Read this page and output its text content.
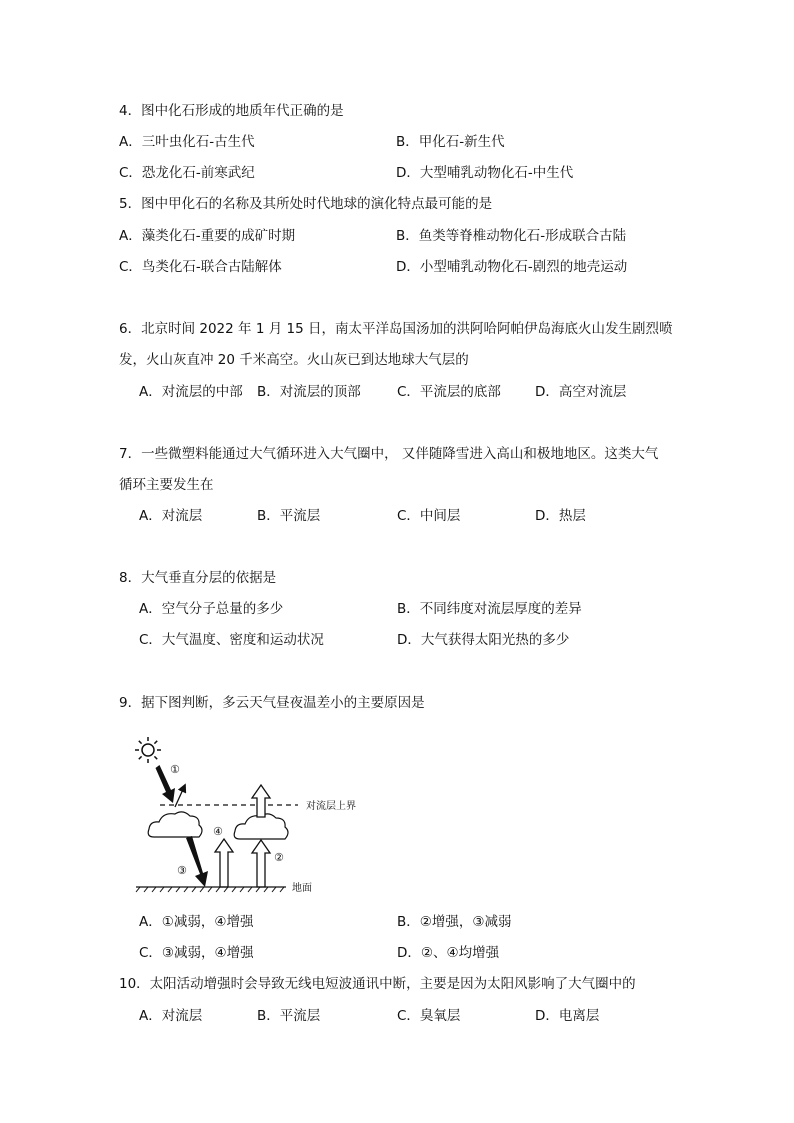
4．图中化石形成的地质年代正确的是
A．三叶虫化石-古生代	B．甲化石-新生代
C．恐龙化石-前寒武纪	D．大型哺乳动物化石-中生代
5．图中甲化石的名称及其所处时代地球的演化特点最可能的是
A．藻类化石-重要的成矿时期	B．鱼类等脊椎动物化石-形成联合古陆
C．鸟类化石-联合古陆解体	D．小型哺乳动物化石-剧烈的地壳运动
6．北京时间 2022 年 1 月 15 日，南太平洋岛国汤加的洪阿哈阿帕伊岛海底火山发生剧烈喷
发，火山灰直冲 20 千米高空。火山灰已到达地球大气层的
A．对流层的中部 B．对流层的顶部	C．平流层的底部	D．高空对流层
7．一些微塑料能通过大气循环进入大气圈中， 又伴随降雪进入高山和极地地区。这类大气
循环主要发生在
A．对流层	B．平流层	C．中间层	D．热层
8．大气垂直分层的依据是
A．空气分子总量的多少	B．不同纬度对流层厚度的差异
C．大气温度、密度和运动状况	D．大气获得太阳光热的多少
9．据下图判断，多云天气昼夜温差小的主要原因是
①
对流层上界
③
④
②
地面
A．①减弱，④增强	B．②增强，③减弱
C．③减弱，④增强	D．②、④均增强
10．太阳活动增强时会导致无线电短波通讯中断，主要是因为太阳风影响了大气圈中的
A．对流层	B．平流层	C．臭氧层	D．电离层
